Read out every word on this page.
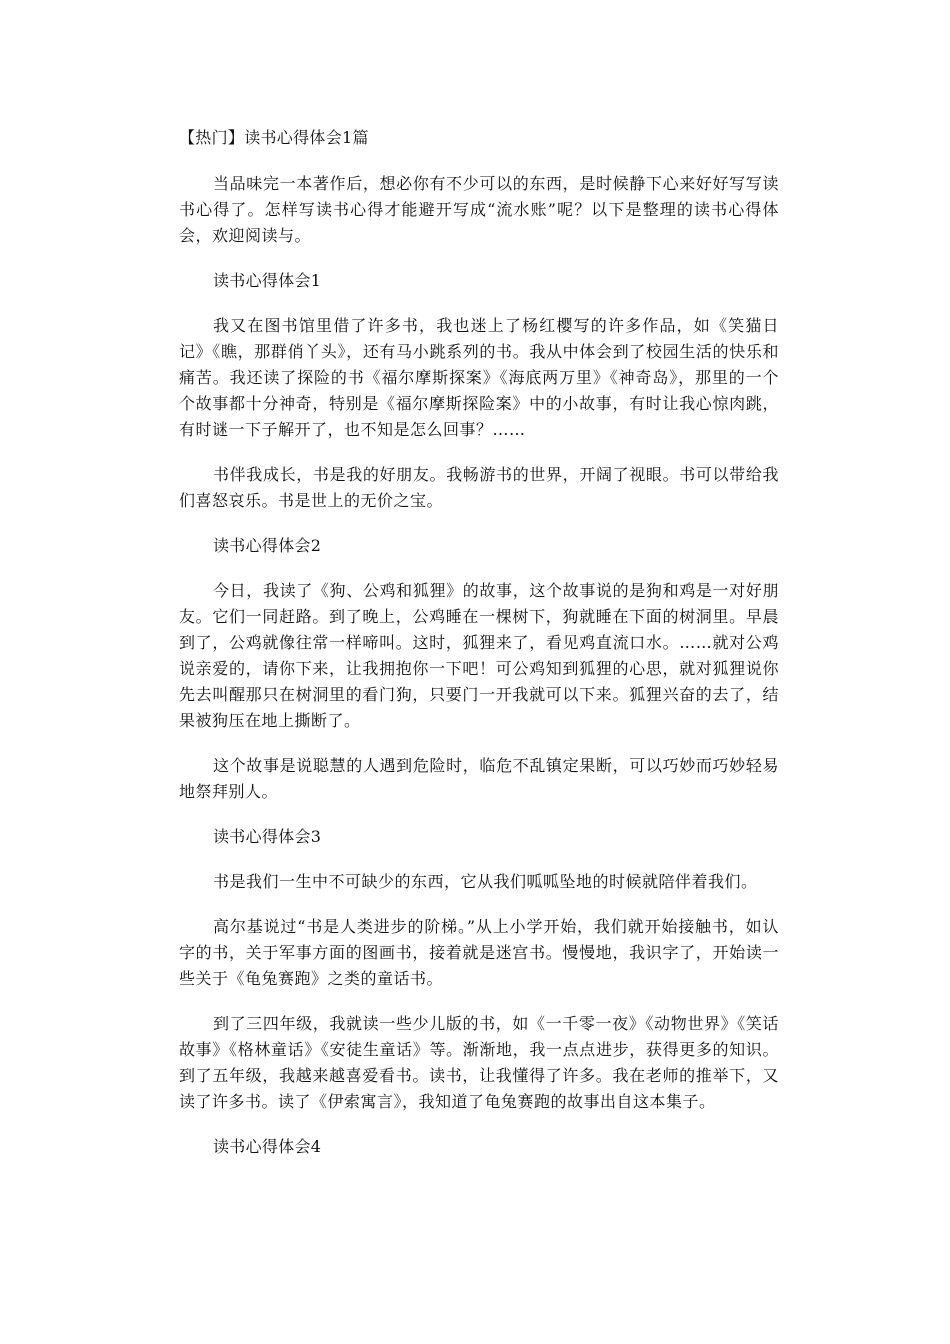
【热门】读书心得体会1篇

当品味完一本著作后，想必你有不少可以的东西，是时候静下心来好好写写读书心得了。怎样写读书心得才能避开写成“流水账”呢？以下是整理的读书心得体会，欢迎阅读与。

读书心得体会1

我又在图书馆里借了许多书，我也迷上了杨红樱写的许多作品，如《笑猫日记》《瞧，那群俏丫头》，还有马小跳系列的书。我从中体会到了校园生活的快乐和痛苦。我还读了探险的书《福尔摩斯探案》《海底两万里》《神奇岛》，那里的一个个故事都十分神奇，特别是《福尔摩斯探险案》中的小故事，有时让我心惊肉跳，有时谜一下子解开了，也不知是怎么回事？……

书伴我成长，书是我的好朋友。我畅游书的世界，开阔了视眼。书可以带给我们喜怒哀乐。书是世上的无价之宝。

读书心得体会2

今日，我读了《狗、公鸡和狐狸》的故事，这个故事说的是狗和鸡是一对好朋友。它们一同赶路。到了晚上，公鸡睡在一棵树下，狗就睡在下面的树洞里。早晨到了，公鸡就像往常一样啼叫。这时，狐狸来了，看见鸡直流口水。……就对公鸡说亲爱的，请你下来，让我拥抱你一下吧！可公鸡知到狐狸的心思，就对狐狸说你先去叫醒那只在树洞里的看门狗，只要门一开我就可以下来。狐狸兴奋的去了，结果被狗压在地上撕断了。

这个故事是说聪慧的人遇到危险时，临危不乱镇定果断，可以巧妙而巧妙轻易地祭拜别人。

读书心得体会3

书是我们一生中不可缺少的东西，它从我们呱呱坠地的时候就陪伴着我们。

高尔基说过“书是人类进步的阶梯。”从上小学开始，我们就开始接触书，如认字的书，关于军事方面的图画书，接着就是迷宫书。慢慢地，我识字了，开始读一些关于《龟兔赛跑》之类的童话书。

到了三四年级，我就读一些少儿版的书，如《一千零一夜》《动物世界》《笑话故事》《格林童话》《安徒生童话》等。渐渐地，我一点点进步，获得更多的知识。到了五年级，我越来越喜爱看书。读书，让我懂得了许多。我在老师的推举下，又读了许多书。读了《伊索寓言》，我知道了龟兔赛跑的故事出自这本集子。

读书心得体会4
